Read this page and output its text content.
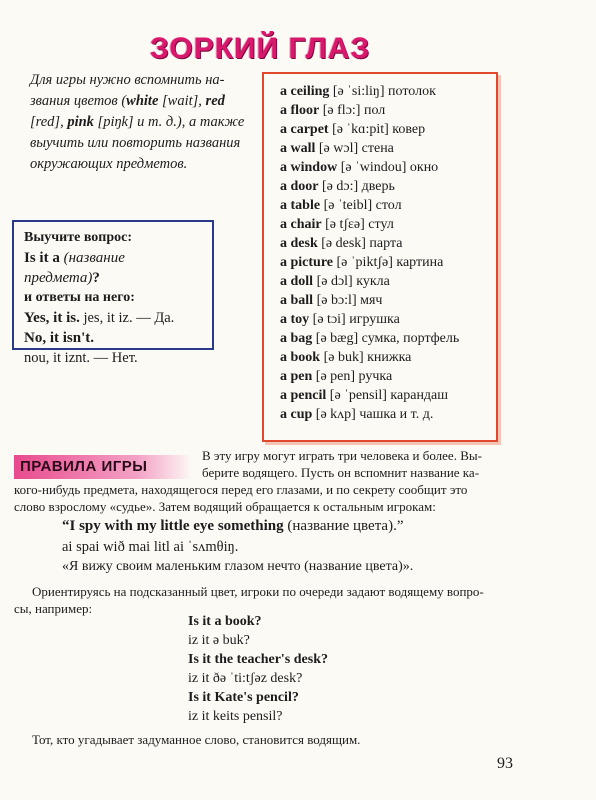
ЗОРКИЙ ГЛАЗ
Для игры нужно вспомнить на-
звания цветов (white [wait], red
[red], pink [piŋk] и т. д.), а также
выучить или повторить названия
окружающих предметов.
a ceiling [ə ˈsi:liŋ] потолок
a floor [ə flɔ:] пол
a carpet [ə ˈkɑ:pit] ковер
a wall [ə wɔl] стена
a window [ə ˈwindou] окно
a door [ə dɔ:] дверь
a table [ə ˈteibl] стол
a chair [ə tʃɛə] стул
a desk [ə desk] парта
a picture [ə ˈpiktʃə] картина
a doll [ə dɔl] кукла
a ball [ə bɔ:l] мяч
a toy [ə tɔi] игрушка
a bag [ə bæg] сумка, портфель
a book [ə buk] книжка
a pen [ə pen] ручка
a pencil [ə ˈpensil] карандаш
a cup [ə kʌp] чашка и т. д.
Выучите вопрос:
Is it a (название предмета)?
и ответы на него:
Yes, it is. jes, it iz. — Да.
No, it isn't.
nou, it iznt. — Нет.
ПРАВИЛА ИГРЫ
В эту игру могут играть три человека и более. Вы-
берите водящего. Пусть он вспомнит название ка-
кого-нибудь предмета, находящегося перед его глазами, и по секрету сообщит это
слово взрослому «судье». Затем водящий обращается к остальным игрокам:
“I spy with my little eye something (название цвета).”
ai spai wið mai litl ai ˈsʌmθiŋ.
«Я вижу своим маленьким глазом нечто (название цвета)».
Ориентируясь на подсказанный цвет, игроки по очереди задают водящему вопро-
сы, например:
Is it a book?
iz it ə buk?
Is it the teacher's desk?
iz it ðə ˈti:tʃəz desk?
Is it Kate's pencil?
iz it keits pensil?
Тот, кто угадывает задуманное слово, становится водящим.
93
